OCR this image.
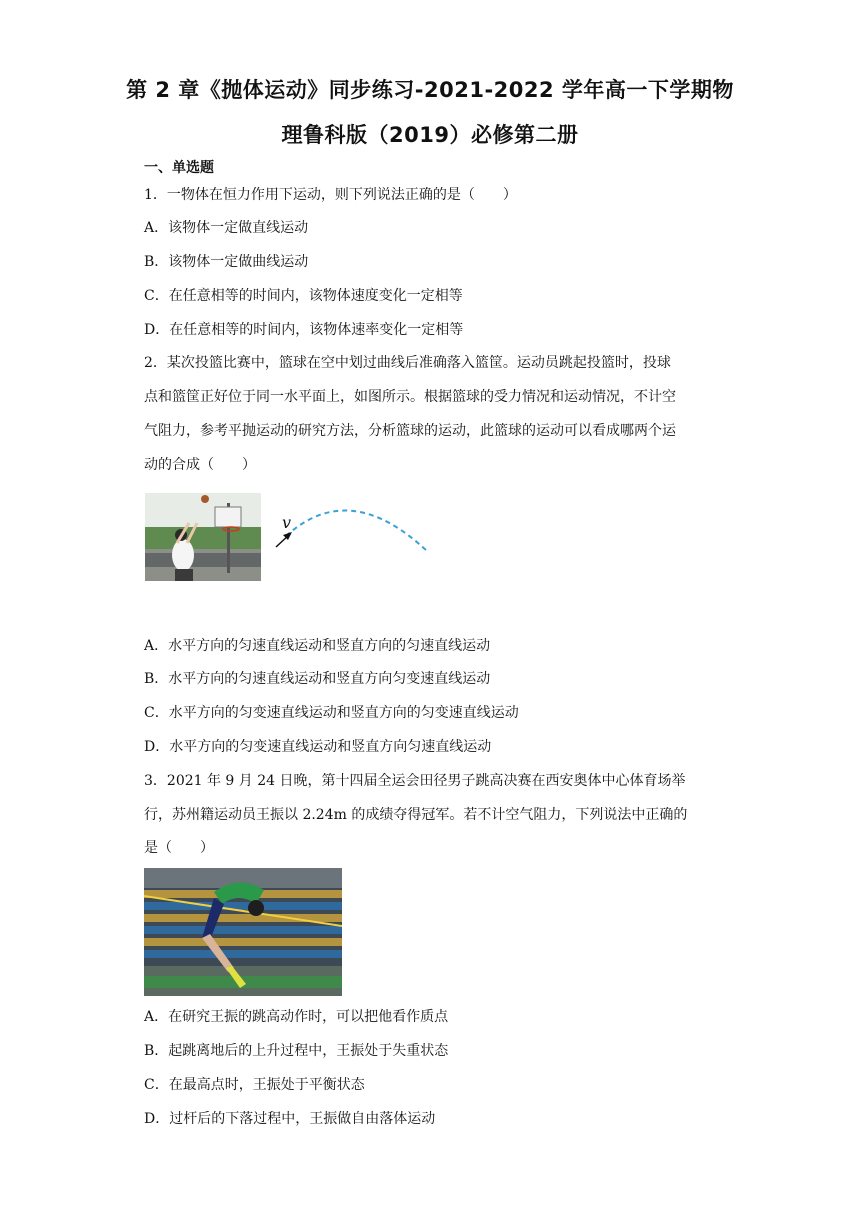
第 2 章《抛体运动》同步练习-2021-2022 学年高一下学期物
理鲁科版（2019）必修第二册
一、单选题
1．一物体在恒力作用下运动，则下列说法正确的是（　　）
A．该物体一定做直线运动
B．该物体一定做曲线运动
C．在任意相等的时间内，该物体速度变化一定相等
D．在任意相等的时间内，该物体速率变化一定相等
2．某次投篮比赛中，篮球在空中划过曲线后准确落入篮筐。运动员跳起投篮时，投球
点和篮筐正好位于同一水平面上，如图所示。根据篮球的受力情况和运动情况，不计空
气阻力，参考平抛运动的研究方法，分析篮球的运动，此篮球的运动可以看成哪两个运
动的合成（　　）
v
A．水平方向的匀速直线运动和竖直方向的匀速直线运动
B．水平方向的匀速直线运动和竖直方向匀变速直线运动
C．水平方向的匀变速直线运动和竖直方向的匀变速直线运动
D．水平方向的匀变速直线运动和竖直方向匀速直线运动
3．2021 年 9 月 24 日晚，第十四届全运会田径男子跳高决赛在西安奥体中心体育场举
行，苏州籍运动员王振以 2.24m 的成绩夺得冠军。若不计空气阻力，下列说法中正确的
是（　　）
A．在研究王振的跳高动作时，可以把他看作质点
B．起跳离地后的上升过程中，王振处于失重状态
C．在最高点时，王振处于平衡状态
D．过杆后的下落过程中，王振做自由落体运动
